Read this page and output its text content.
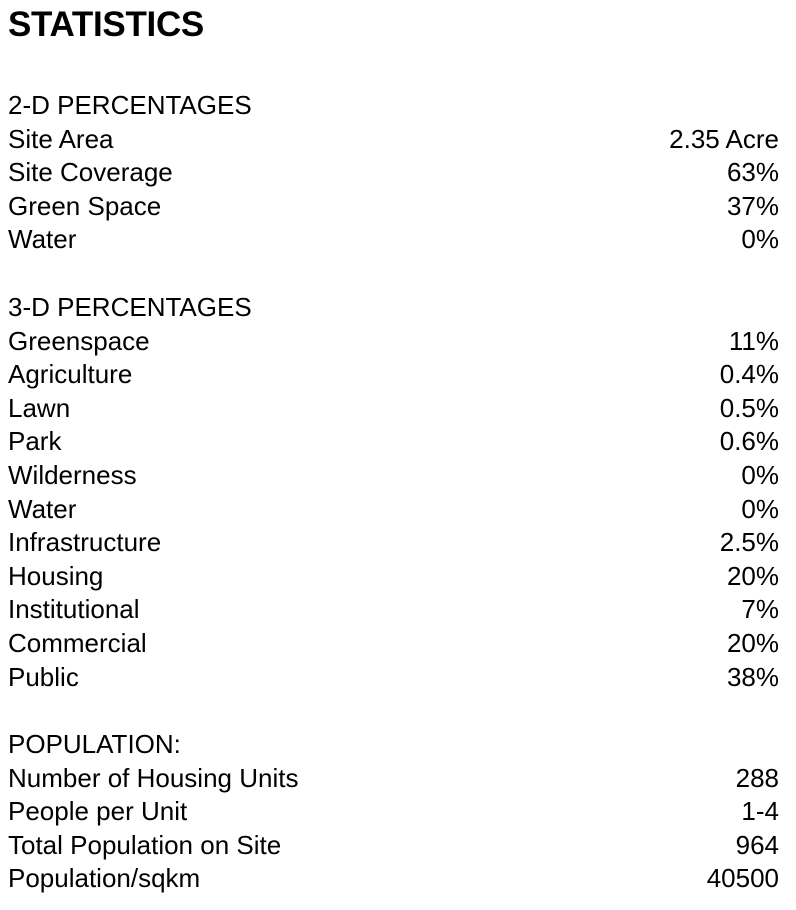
STATISTICS
2-D PERCENTAGES
Site Area	2.35 Acre
Site Coverage	63%
Green Space	37%
Water	0%
3-D PERCENTAGES
Greenspace	11%
Agriculture	0.4%
Lawn	0.5%
Park	0.6%
Wilderness	0%
Water	0%
Infrastructure	2.5%
Housing	20%
Institutional	7%
Commercial	20%
Public	38%
POPULATION:
Number of Housing Units	288
People per Unit	1-4
Total Population on Site	964
Population/sqkm	40500
